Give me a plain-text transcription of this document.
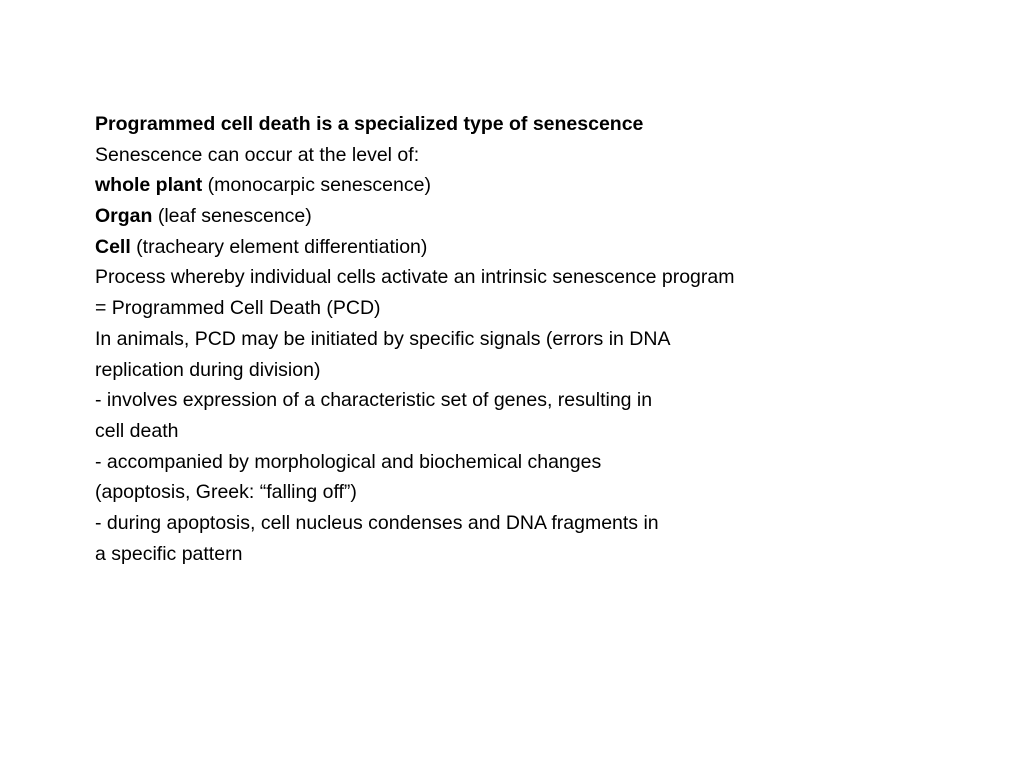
Programmed cell death is a specialized type of senescence
Senescence can occur at the level of:
whole plant (monocarpic senescence)
Organ (leaf senescence)
Cell (tracheary element differentiation)
Process whereby individual cells activate an intrinsic senescence program
= Programmed Cell Death (PCD)
In animals, PCD may be initiated by specific signals (errors in DNA
replication during division)
- involves expression of a characteristic set of genes, resulting in
cell death
- accompanied by morphological and biochemical changes
(apoptosis, Greek: “falling off”)
- during apoptosis, cell nucleus condenses and DNA fragments in
a specific pattern
